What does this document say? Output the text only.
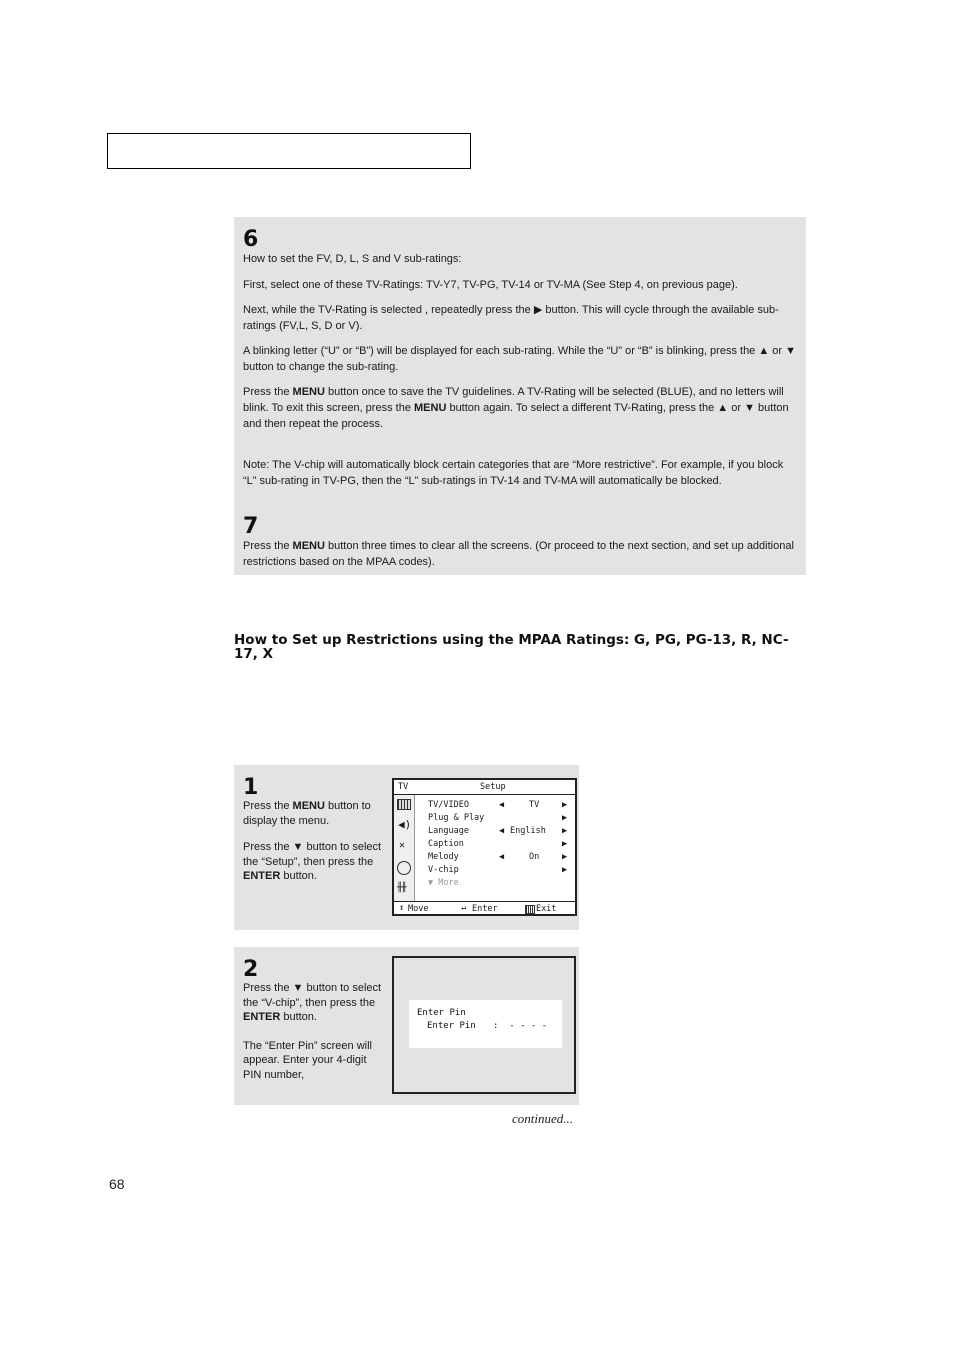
6

How to set the FV, D, L, S and V sub-ratings:

First, select one of these TV-Ratings: TV-Y7, TV-PG, TV-14 or TV-MA (See Step 4, on previous page).

Next, while the TV-Rating is selected , repeatedly press the ▶ button. This will cycle through the available sub-ratings (FV,L, S, D or V).

A blinking letter (“U” or “B”) will be displayed for each sub-rating. While the “U” or “B” is blinking, press the ▲ or ▼ button to change the sub-rating.

Press the MENU button once to save the TV guidelines. A TV-Rating will be selected (BLUE), and no letters will blink. To exit this screen, press the MENU button again. To select a different TV-Rating, press the ▲ or ▼ button and then repeat the process.

Note: The V-chip will automatically block certain categories that are “More restrictive”. For example, if you block “L” sub-rating in TV-PG, then the “L” sub-ratings in TV-14 and TV-MA will automatically be blocked.

7

Press the MENU button three times to clear all the screens. (Or proceed to the next section, and set up additional restrictions based on the MPAA codes).

How to Set up Restrictions using the MPAA Ratings: G, PG, PG-13, R, NC-17, X
1

Press the MENU button to display the menu.

Press the ▼ button to select the “Setup”, then press the ENTER button.

TV	Setup
◀)
✕
╫╫
TV/VIDEO	◀	TV	▶
Plug & Play	▶
Language	◀ English ▶
Caption	▶
Melody	◀	On	▶
V-chip	▶
▼ More
↕ Move	↵ Enter	Exit
2

Press the ▼ button to select the “V-chip”, then press the ENTER button.

The “Enter Pin” screen will appear. Enter your 4-digit PIN number,

Enter Pin
Enter Pin :  - - - -
continued...
68
